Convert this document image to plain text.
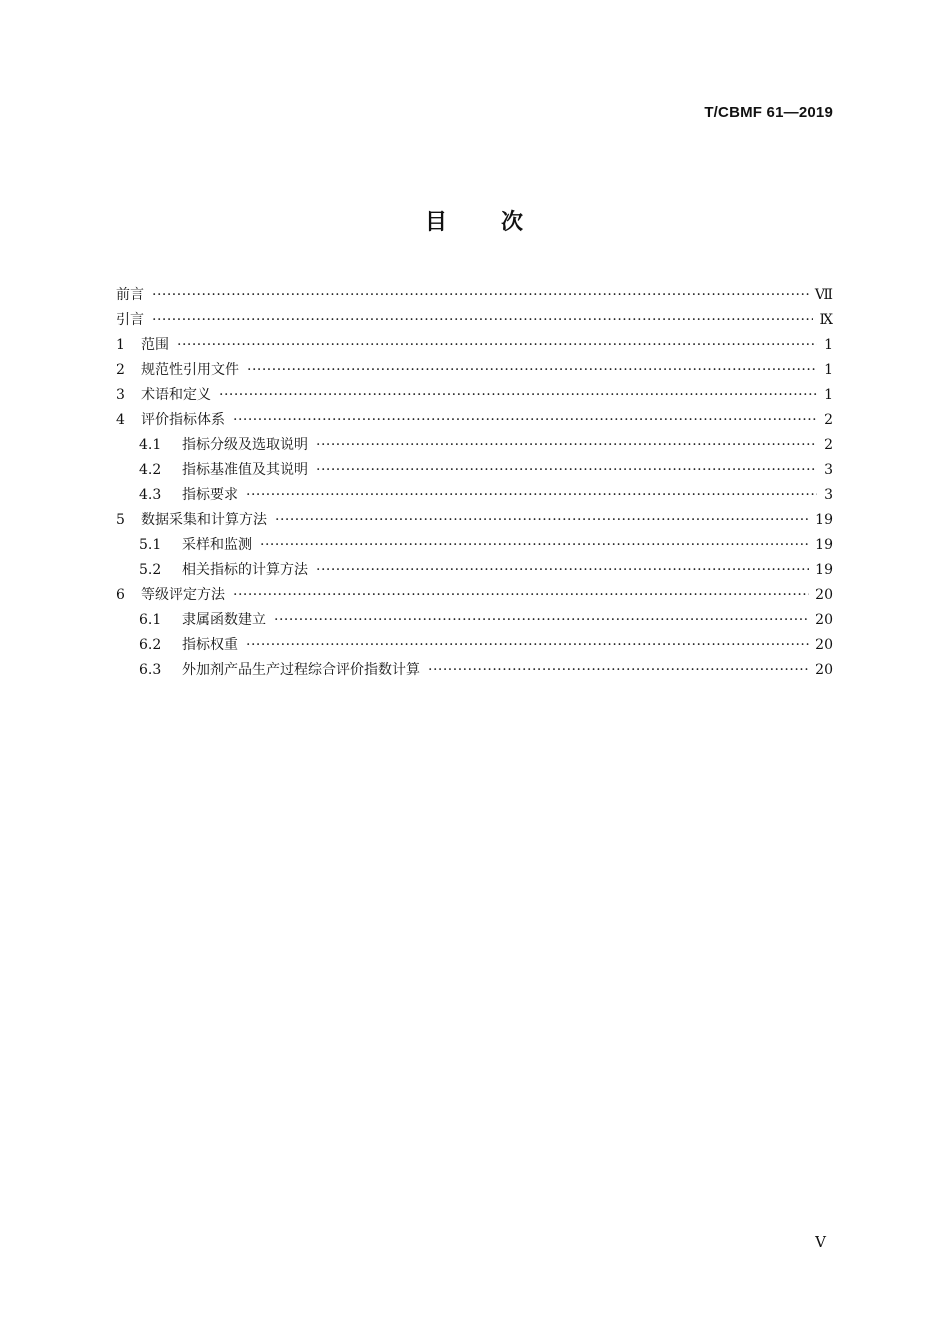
T/CBMF 61—2019
目 次
前言 ·····	Ⅶ
引言 ·····	Ⅸ
1	范围 ·····	1
2	规范性引用文件 ·····	1
3	术语和定义 ·····	1
4	评价指标体系 ·····	2
4.1	指标分级及选取说明 ·····	2
4.2	指标基准值及其说明 ·····	3
4.3	指标要求 ·····	3
5	数据采集和计算方法 ·····	19
5.1	采样和监测 ·····	19
5.2	相关指标的计算方法 ·····	19
6	等级评定方法 ·····	20
6.1	隶属函数建立 ·····	20
6.2	指标权重 ·····	20
6.3	外加剂产品生产过程综合评价指数计算 ·····	20
Ⅴ
